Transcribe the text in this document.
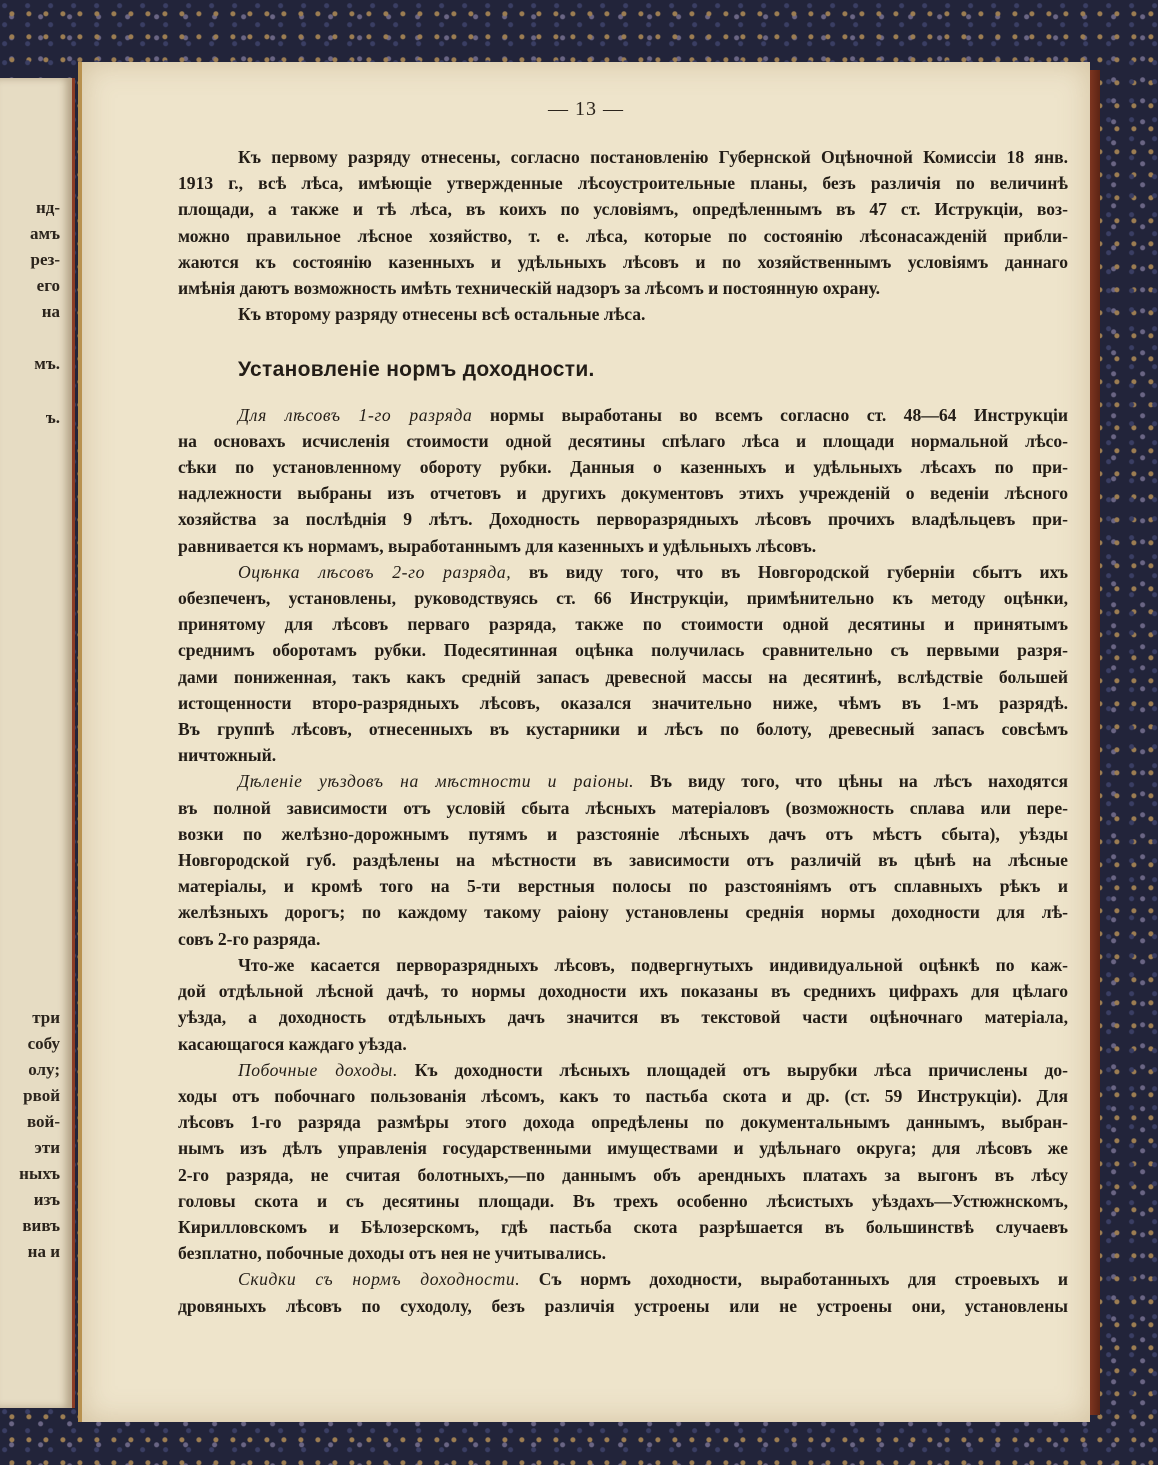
нд-

амъ

рез-

его

на

мъ.

ъ.

три

собу

олу;

рвой

вой-

эти

ныхъ

изъ

вивъ

на и

— 13 —
Къ первому разряду отнесены, согласно постановленію Губернской Оцѣночной Комиссіи 18 янв.
1913 г., всѣ лѣса, имѣющіе утвержденные лѣсоустроительные планы, безъ различія по величинѣ
площади, а также и тѣ лѣса, въ коихъ по условіямъ, опредѣленнымъ въ 47 ст. Иструкціи, воз-
можно правильное лѣсное хозяйство, т. е. лѣса, которые по состоянію лѣсонасажденій прибли-
жаются къ состоянію казенныхъ и удѣльныхъ лѣсовъ и по хозяйственнымъ условіямъ даннаго
имѣнія даютъ возможность имѣть техническій надзоръ за лѣсомъ и постоянную охрану.
Къ второму разряду отнесены всѣ остальные лѣса.
Установленіе нормъ доходности.
Для лѣсовъ 1-го разряда нормы выработаны во всемъ согласно ст. 48—64 Инструкціи
на основахъ исчисленія стоимости одной десятины спѣлаго лѣса и площади нормальной лѣсо-
сѣки по установленному обороту рубки. Данныя о казенныхъ и удѣльныхъ лѣсахъ по при-
надлежности выбраны изъ отчетовъ и другихъ документовъ этихъ учрежденій о веденіи лѣсного
хозяйства за послѣднія 9 лѣтъ. Доходность перворазрядныхъ лѣсовъ прочихъ владѣльцевъ при-
равнивается къ нормамъ, выработаннымъ для казенныхъ и удѣльныхъ лѣсовъ.
Оцѣнка лѣсовъ 2-го разряда, въ виду того, что въ Новгородской губерніи сбытъ ихъ
обезпеченъ, установлены, руководствуясь ст. 66 Инструкціи, примѣнительно къ методу оцѣнки,
принятому для лѣсовъ перваго разряда, также по стоимости одной десятины и принятымъ
среднимъ оборотамъ рубки. Подесятинная оцѣнка получилась сравнительно съ первыми разря-
дами пониженная, такъ какъ средній запасъ древесной массы на десятинѣ, вслѣдствіе большей
истощенности второ-разрядныхъ лѣсовъ, оказался значительно ниже, чѣмъ въ 1-мъ разрядѣ.
Въ группѣ лѣсовъ, отнесенныхъ въ кустарники и лѣсъ по болоту, древесный запасъ совсѣмъ
ничтожный.
Дѣленіе уѣздовъ на мѣстности и раіоны. Въ виду того, что цѣны на лѣсъ находятся
въ полной зависимости отъ условій сбыта лѣсныхъ матеріаловъ (возможность сплава или пере-
возки по желѣзно-дорожнымъ путямъ и разстояніе лѣсныхъ дачъ отъ мѣстъ сбыта), уѣзды
Новгородской губ. раздѣлены на мѣстности въ зависимости отъ различій въ цѣнѣ на лѣсные
матеріалы, и кромѣ того на 5-ти верстныя полосы по разстояніямъ отъ сплавныхъ рѣкъ и
желѣзныхъ дорогъ; по каждому такому раіону установлены среднія нормы доходности для лѣ-
совъ 2-го разряда.
Что-же касается перворазрядныхъ лѣсовъ, подвергнутыхъ индивидуальной оцѣнкѣ по каж-
дой отдѣльной лѣсной дачѣ, то нормы доходности ихъ показаны въ среднихъ цифрахъ для цѣлаго
уѣзда, а доходность отдѣльныхъ дачъ значится въ текстовой части оцѣночнаго матеріала,
касающагося каждаго уѣзда.
Побочные доходы. Къ доходности лѣсныхъ площадей отъ вырубки лѣса причислены до-
ходы отъ побочнаго пользованія лѣсомъ, какъ то пастьба скота и др. (ст. 59 Инструкціи). Для
лѣсовъ 1-го разряда размѣры этого дохода опредѣлены по документальнымъ даннымъ, выбран-
нымъ изъ дѣлъ управленія государственными имуществами и удѣльнаго округа; для лѣсовъ же
2-го разряда, не считая болотныхъ,—по даннымъ объ арендныхъ платахъ за выгонъ въ лѣсу
головы скота и съ десятины площади. Въ трехъ особенно лѣсистыхъ уѣздахъ—Устюжнскомъ,
Кирилловскомъ и Бѣлозерскомъ, гдѣ пастьба скота разрѣшается въ большинствѣ случаевъ
безплатно, побочные доходы отъ нея не учитывались.
Скидки съ нормъ доходности. Съ нормъ доходности, выработанныхъ для строевыхъ и
дровяныхъ лѣсовъ по суходолу, безъ различія устроены или не устроены они, установлены
